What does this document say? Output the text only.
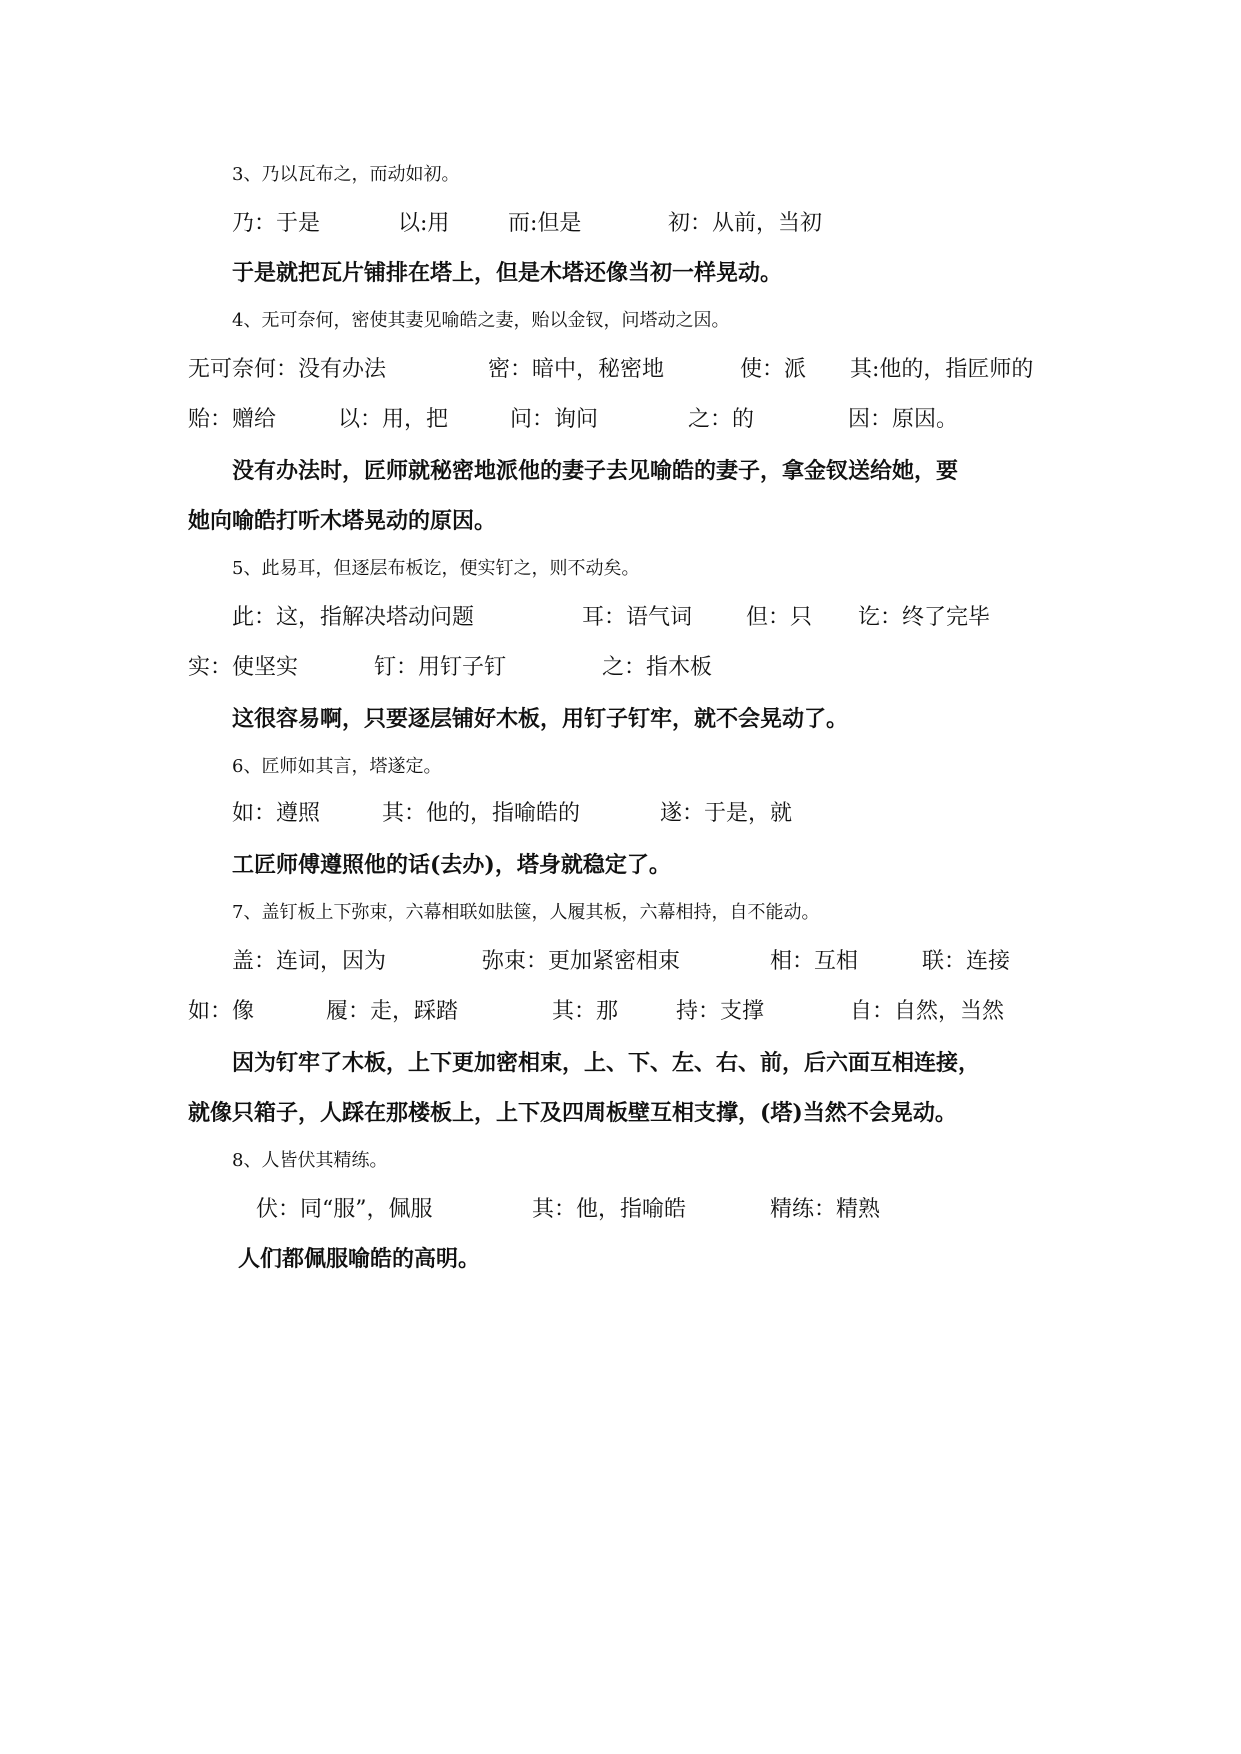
3、乃以瓦布之，而动如初。

乃：于是	以:用	而:但是	初：从前，当初

于是就把瓦片铺排在塔上，但是木塔还像当初一样晃动。

4、无可奈何，密使其妻见喻皓之妻，贻以金钗，问塔动之因。

无可奈何：没有办法	密：暗中，秘密地	使：派 其:他的，指匠师的
贻：赠给	以：用，把	问：询问	之：的	因：原因。

没有办法时，匠师就秘密地派他的妻子去见喻皓的妻子，拿金钗送给她，要

她向喻皓打听木塔晃动的原因。

5、此易耳，但逐层布板讫，便实钉之，则不动矣。

此：这，指解决塔动问题	耳：语气词 但：只 讫：终了完毕
实：使坚实	钉：用钉子钉	之：指木板

这很容易啊，只要逐层铺好木板，用钉子钉牢，就不会晃动了。

6、匠师如其言，塔遂定。

如：遵照	其：他的，指喻皓的	遂：于是，就

工匠师傅遵照他的话(去办)，塔身就稳定了。

7、盖钉板上下弥束，六幕相联如胠箧，人履其板，六幕相持，自不能动。

盖：连词，因为	弥束：更加紧密相束	相：互相	联：连接
如：像	履：走，踩踏	其：那	持：支撑	自：自然，当然

因为钉牢了木板，上下更加密相束，上、下、左、右、前，后六面互相连接，

就像只箱子，人踩在那楼板上，上下及四周板壁互相支撑，(塔)当然不会晃动。

8、人皆伏其精练。

伏：同“服”，佩服	其：他，指喻皓	精练：精熟

人们都佩服喻皓的高明。
